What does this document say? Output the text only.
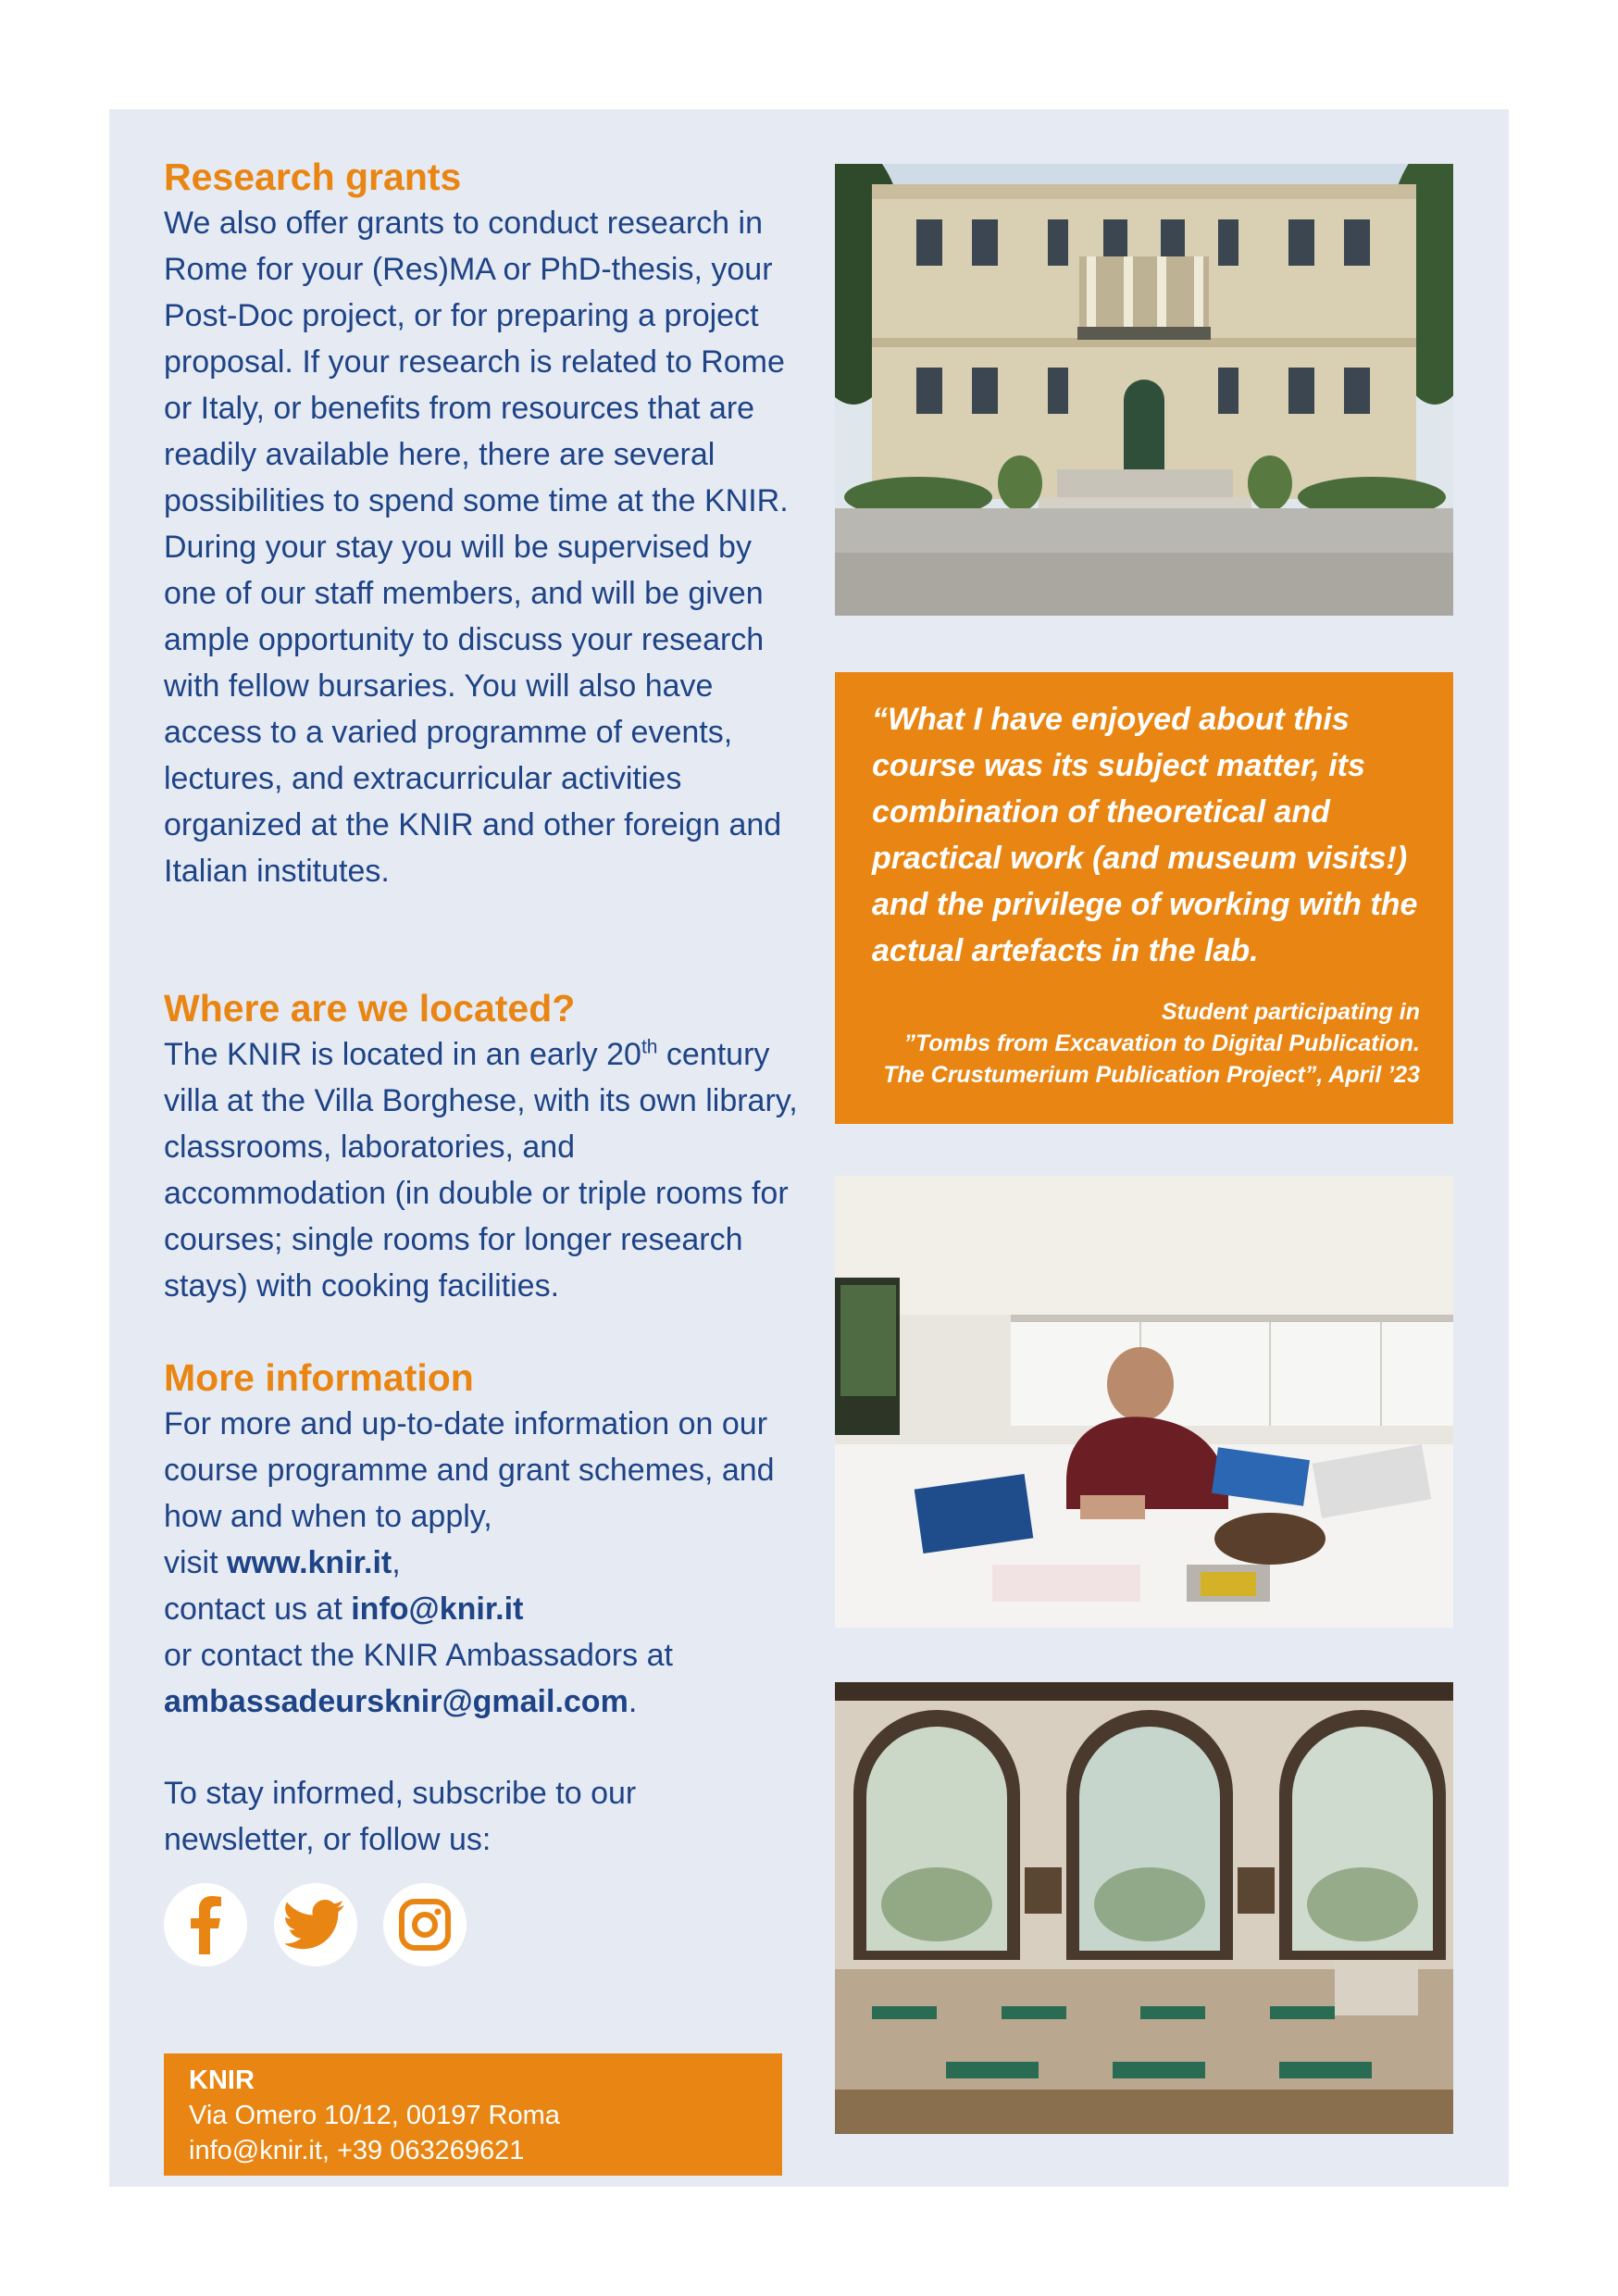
Research grants

We also offer grants to conduct research in Rome for your (Res)MA or PhD-thesis, your Post-Doc project, or for preparing a project proposal. If your research is related to Rome or Italy, or benefits from resources that are readily available here, there are several possibilities to spend some time at the KNIR. During your stay you will be supervised by one of our staff members, and will be given ample opportunity to discuss your research with fellow bursaries. You will also have access to a varied programme of events, lectures, and extracurricular activities organized at the KNIR and other foreign and Italian institutes.

Where are we located?

The KNIR is located in an early 20th century villa at the Villa Borghese, with its own library, classrooms, laboratories, and accommodation (in double or triple rooms for courses; single rooms for longer research stays) with cooking facilities.

More information

For more and up-to-date information on our course programme and grant schemes, and how and when to apply,
visit www.knir.it,
contact us at info@knir.it
or contact the KNIR Ambassadors at
ambassadeursknir@gmail.com.

To stay informed, subscribe to our newsletter, or follow us:

KNIR
Via Omero 10/12, 00197 Roma
info@knir.it, +39 063269621

“What I have enjoyed about this course was its subject matter, its combination of theoretical and practical work (and museum visits!) and the privilege of working with the actual artefacts in the lab.

Student participating in
”Tombs from Excavation to Digital Publication.
The Crustumerium Publication Project”, April ’23
